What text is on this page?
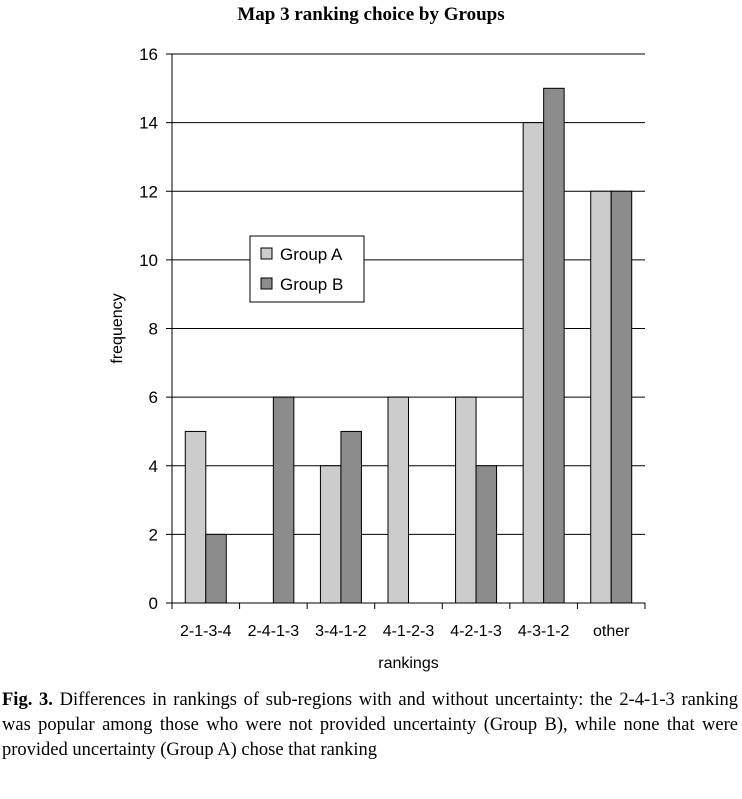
Map 3 ranking choice by Groups
0
2
4
6
8
10
12
14
16
2-1-3-4 2-4-1-3 3-4-1-2 4-1-2-3 4-2-1-3 4-3-1-2 other
rankings
frequency
Group A
Group B
Fig. 3. Differences in rankings of sub-regions with and without uncertainty: the 2-4-1-3 ranking was popular among those who were not provided uncertainty (Group B), while none that were provided uncertainty (Group A) chose that ranking
